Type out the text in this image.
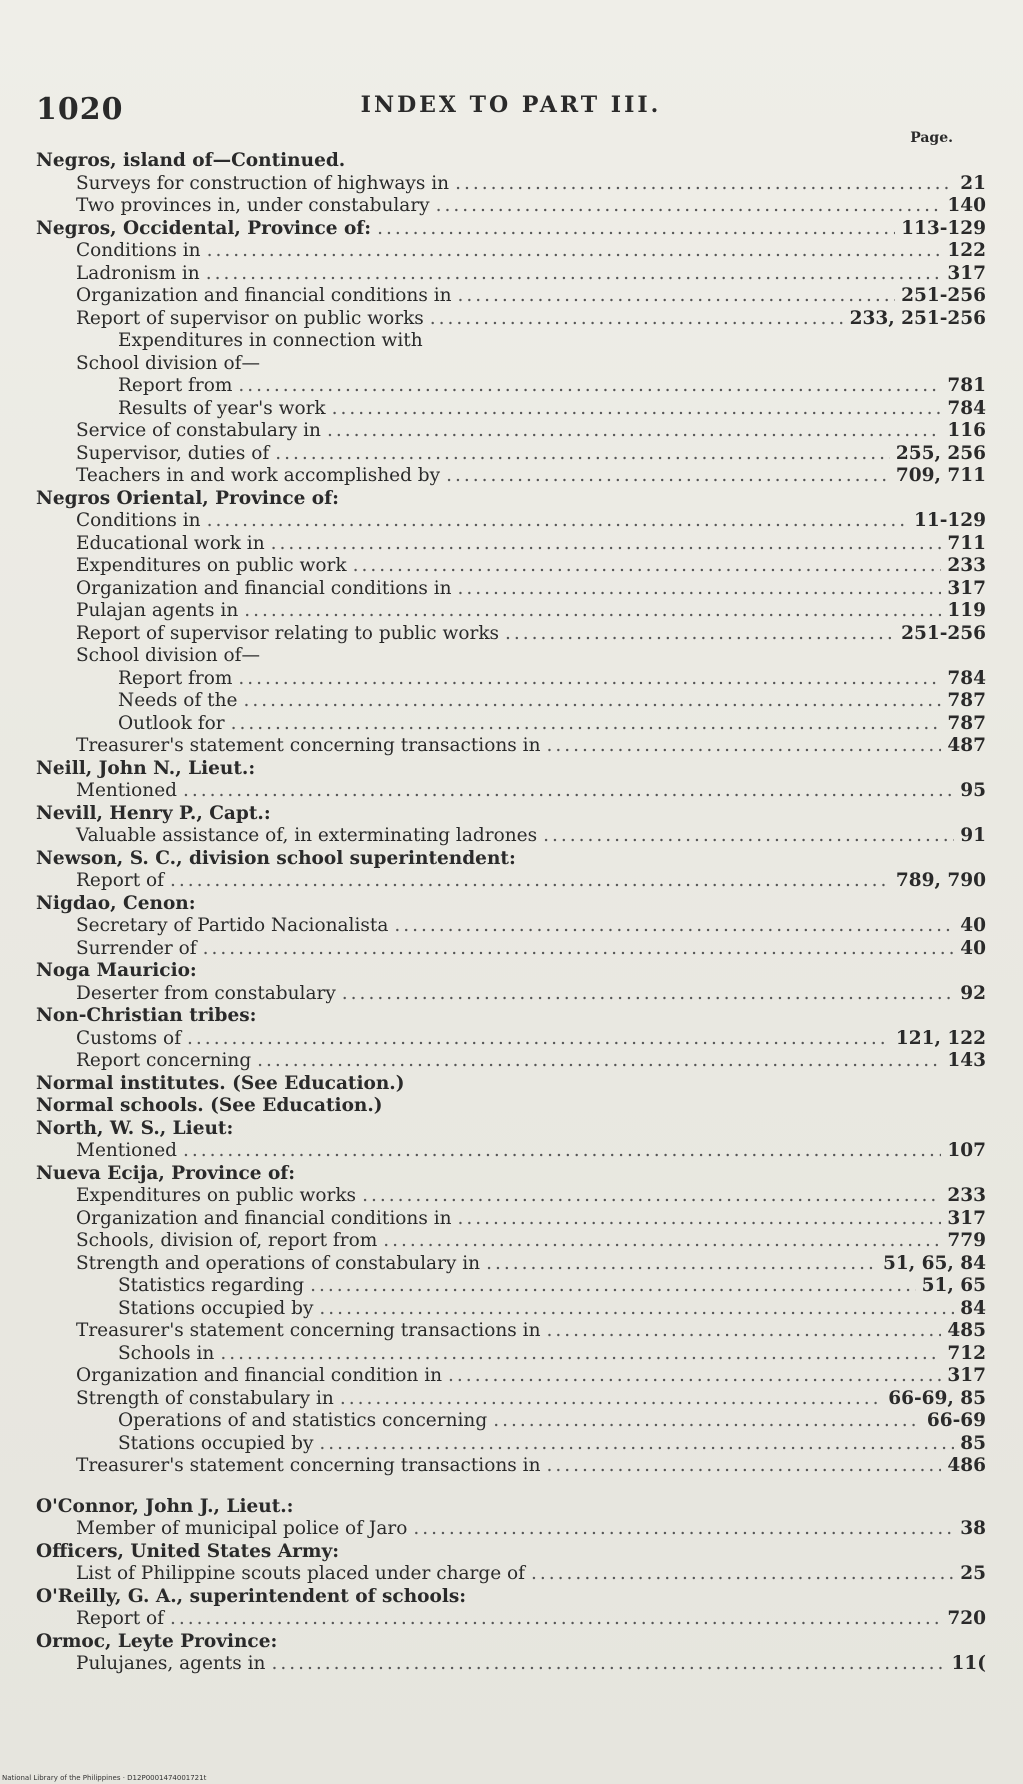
1020	INDEX TO PART III.
Page.
Negros, island of—Continued.
Surveys for construction of highways in .....	21
Two provinces in, under constabulary .....	140
Negros, Occidental, Province of: .....	113-129
Conditions in .....	122
Ladronism in .....	317
Organization and financial conditions in .....	251-256
Report of supervisor on public works .....	233, 251-256
Expenditures in connection with
School division of—
Report from .....	781
Results of year's work .....	784
Service of constabulary in .....	116
Supervisor, duties of .....	255, 256
Teachers in and work accomplished by .....	709, 711
Negros Oriental, Province of:
Conditions in .....	11-129
Educational work in .....	711
Expenditures on public work .....	233
Organization and financial conditions in .....	317
Pulajan agents in .....	119
Report of supervisor relating to public works .....	251-256
School division of—
Report from .....	784
Needs of the .....	787
Outlook for .....	787
Treasurer's statement concerning transactions in .....	487
Neill, John N., Lieut.:
Mentioned .....	95
Nevill, Henry P., Capt.:
Valuable assistance of, in exterminating ladrones .....	91
Newson, S. C., division school superintendent:
Report of .....	789, 790
Nigdao, Cenon:
Secretary of Partido Nacionalista .....	40
Surrender of .....	40
Noga Mauricio:
Deserter from constabulary .....	92
Non-Christian tribes:
Customs of .....	121, 122
Report concerning .....	143
Normal institutes. (See Education.)
Normal schools. (See Education.)
North, W. S., Lieut:
Mentioned .....	107
Nueva Ecija, Province of:
Expenditures on public works .....	233
Organization and financial conditions in .....	317
Schools, division of, report from .....	779
Strength and operations of constabulary in .....	51, 65, 84
Statistics regarding .....	51, 65
Stations occupied by .....	84
Treasurer's statement concerning transactions in .....	485
Schools in .....	712
Organization and financial condition in .....	317
Strength of constabulary in .....	66-69, 85
Operations of and statistics concerning .....	66-69
Stations occupied by .....	85
Treasurer's statement concerning transactions in .....	486
O'Connor, John J., Lieut.:
Member of municipal police of Jaro .....	38
Officers, United States Army:
List of Philippine scouts placed under charge of .....	25
O'Reilly, G. A., superintendent of schools:
Report of .....	720
Ormoc, Leyte Province:
Pulujanes, agents in .....	11(
National Library of the Philippines · D12P0001474001721t
